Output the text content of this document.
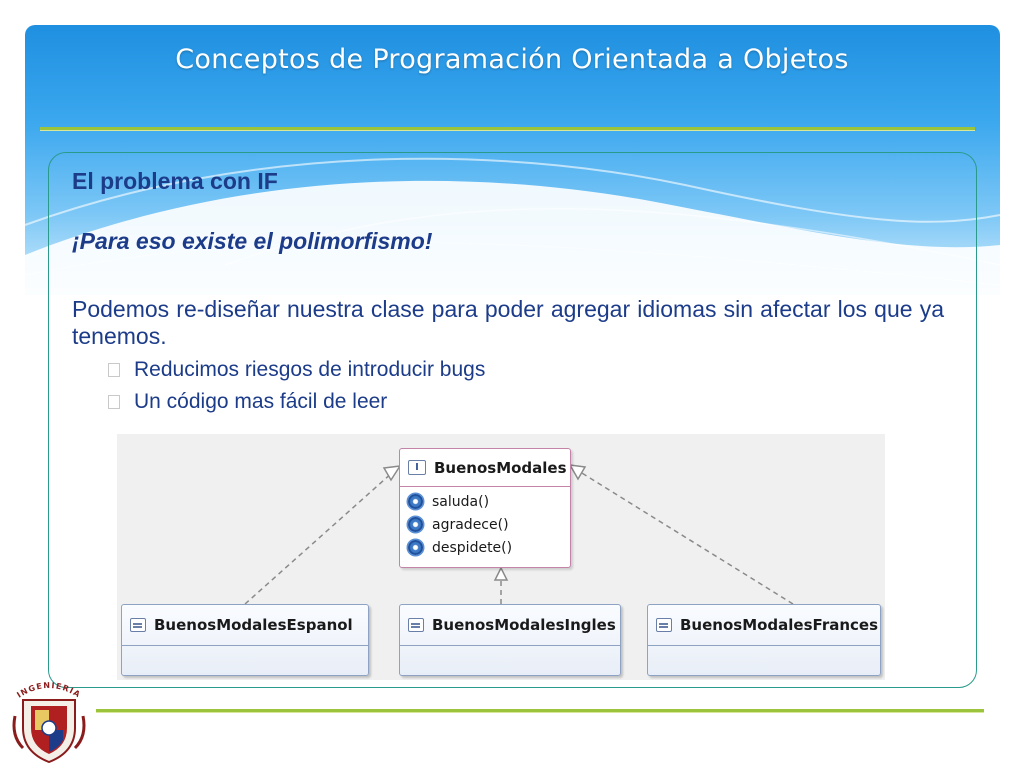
Conceptos de Programación Orientada a Objetos
El problema con IF
¡Para eso existe el polimorfismo!
Podemos re-diseñar nuestra clase para poder agregar idiomas sin afectar los que ya tenemos.
Reducimos riesgos de introducir bugs
Un código mas fácil de leer
I	BuenosModales
saluda()
agradece()
despidete()
BuenosModalesEspanol	BuenosModalesIngles	BuenosModalesFrances
INGENIERIA
